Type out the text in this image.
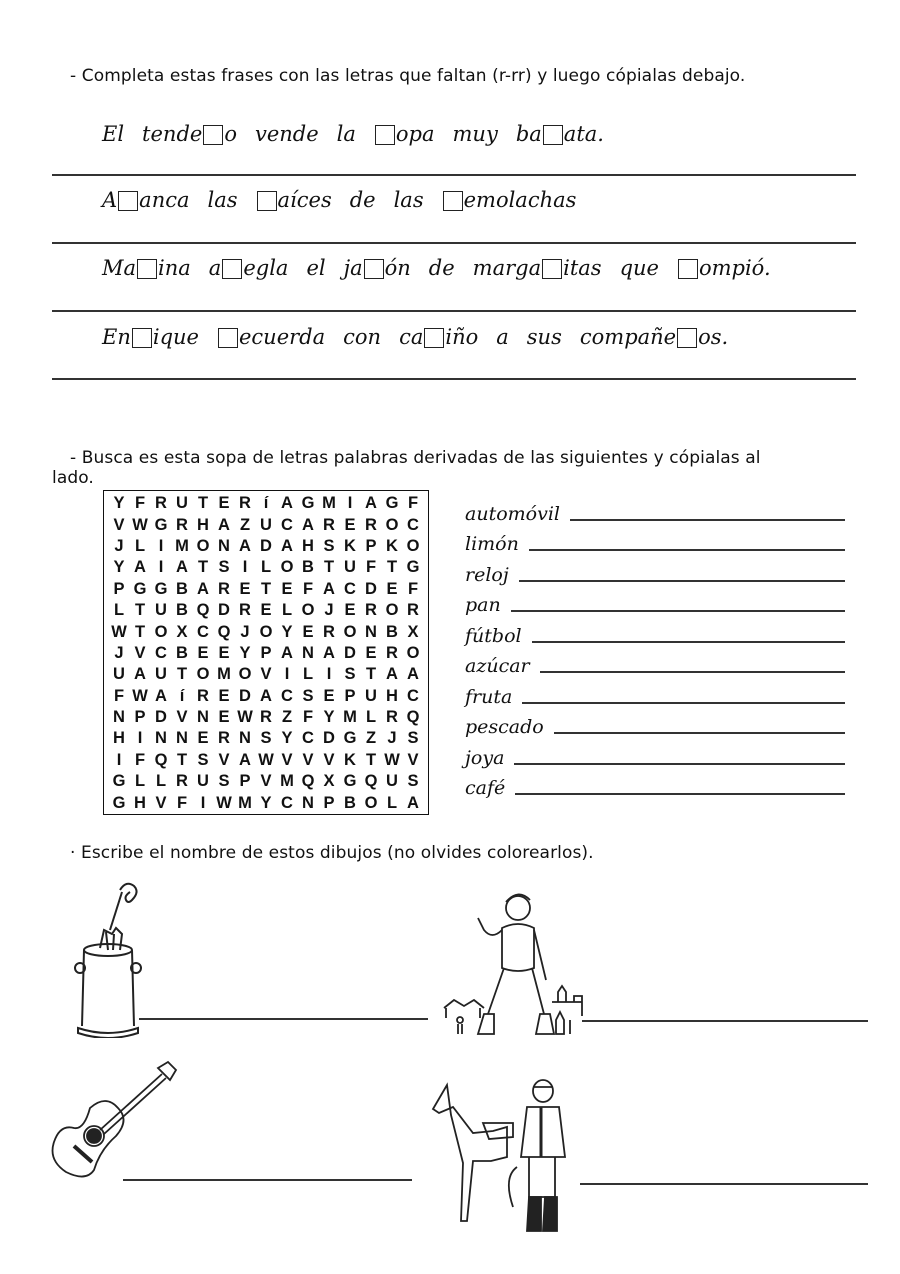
- Completa estas frases con las letras que faltan (r-rr) y luego cópialas debajo.
El tende o vende la opa muy ba ata.
A anca las aíces de las emolachas
Ma ina a egla el ja ón de marga itas que ompió.
En ique ecuerda con ca iño a sus compañe os.
- Busca es esta sopa de letras palabras derivadas de las siguientes y cópialas al
lado.
Y F R U T E R í A G M I A G F
V W G R H A Z U C A R E R O C
J L I M O N A D A H S K P K O
Y A I A T S I L O B T U F T G
P G G B A R E T E F A C D E F
L T U B Q D R E L O J E R O R
W T O X C Q J O Y E R O N B X
J V C B E E Y P A N A D E R O
U A U T O M O V I L I S T A A
F W A í R E D A C S E P U H C
N P D V N E W R Z F Y M L R Q
H I N N E R N S Y C D G Z J S
I F Q T S V A W V V V K T W V
G L L R U S P V M Q X G Q U S
G H V F I W M Y C N P B O L A
automóvil
limón
reloj
pan
fútbol
azúcar
fruta
pescado
joya
café
· Escribe el nombre de estos dibujos (no olvides colorearlos).
